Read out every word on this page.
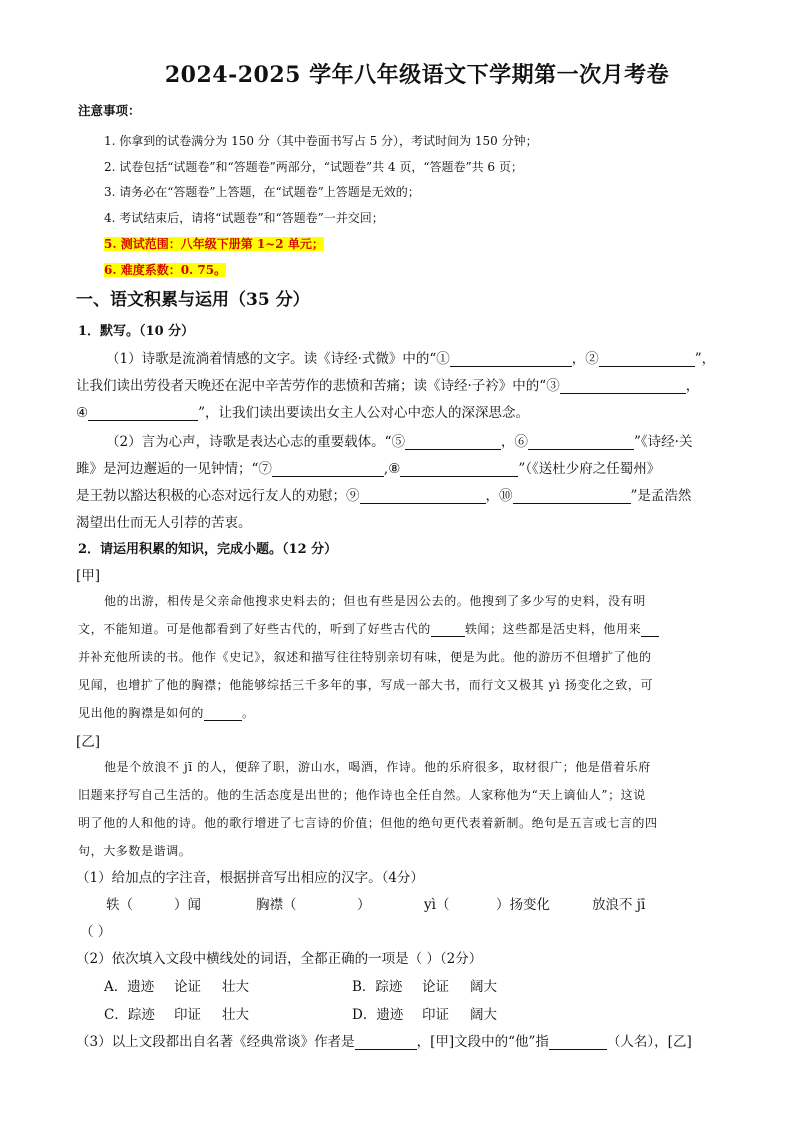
2024-2025 学年八年级语文下学期第一次月考卷
注意事项：
1. 你拿到的试卷满分为 150 分（其中卷面书写占 5 分），考试时间为 150 分钟；
2. 试卷包括“试题卷”和“答题卷”两部分，“试题卷”共 4 页，“答题卷”共 6 页；
3. 请务必在“答题卷”上答题，在“试题卷”上答题是无效的；
4. 考试结束后，请将“试题卷”和“答题卷”一并交回；
5. 测试范围：八年级下册第 1~2 单元；
6. 难度系数：0. 75。
一、语文积累与运用（35 分）
1．默写。（10 分）
（1）诗歌是流淌着情感的文字。读《诗经·式微》中的“①	，②	”，
让我们读出劳役者天晚还在泥中辛苦劳作的悲愤和苦痛；读《诗经·子衿》中的“③	，
④	”，让我们读出要读出女主人公对心中恋人的深深思念。
（2）言为心声，诗歌是表达心志的重要载体。“⑤	，⑥	”《诗经·关
雎》是河边邂逅的一见钟情；“⑦	,⑧	”（《送杜少府之任蜀州》
是王勃以豁达积极的心态对远行友人的劝慰；⑨	，⑩	”是孟浩然
渴望出仕而无人引荐的苦衷。
2．请运用积累的知识，完成小题。（12 分）
[甲]
他的出游，相传是父亲命他搜求史料去的；但也有些是因公去的。他搜到了多少写的史料，没有明
文，不能知道。可是他都看到了好些古代的，听到了好些古代的	轶闻；这些都是活史料，他用来
并补充他所读的书。他作《史记》，叙述和描写往往特别亲切有味，便是为此。他的游历不但增扩了他的
见闻，也增扩了他的胸襟；他能够综括三千多年的事，写成一部大书，而行文又极其 yì 扬变化之致，可
见出他的胸襟是如何的	。
[乙]
他是个放浪不 jī 的人，便辞了职，游山水，喝酒，作诗。他的乐府很多，取材很广；他是借着乐府
旧题来抒写自己生活的。他的生活态度是出世的；他作诗也全任自然。人家称他为“天上谪仙人”；这说
明了他的人和他的诗。他的歌行增进了七言诗的价值；但他的绝句更代表着新制。绝句是五言或七言的四
句，大多数是谐调。
（1）给加点的字注音，根据拼音写出相应的汉字。（4分）
轶（	）闻	胸襟（	）	yì（	）扬变化	放浪不 jī
（ ）
（2）依次填入文段中横线处的词语，全都正确的一项是（ ）（2分）
A．遗迹 论证 壮大	B．踪迹 论证 阔大
C．踪迹 印证 壮大	D．遗迹 印证 阔大
（3）以上文段都出自名著《经典常谈》作者是	，[甲]文段中的“他”指	（人名），[乙]
